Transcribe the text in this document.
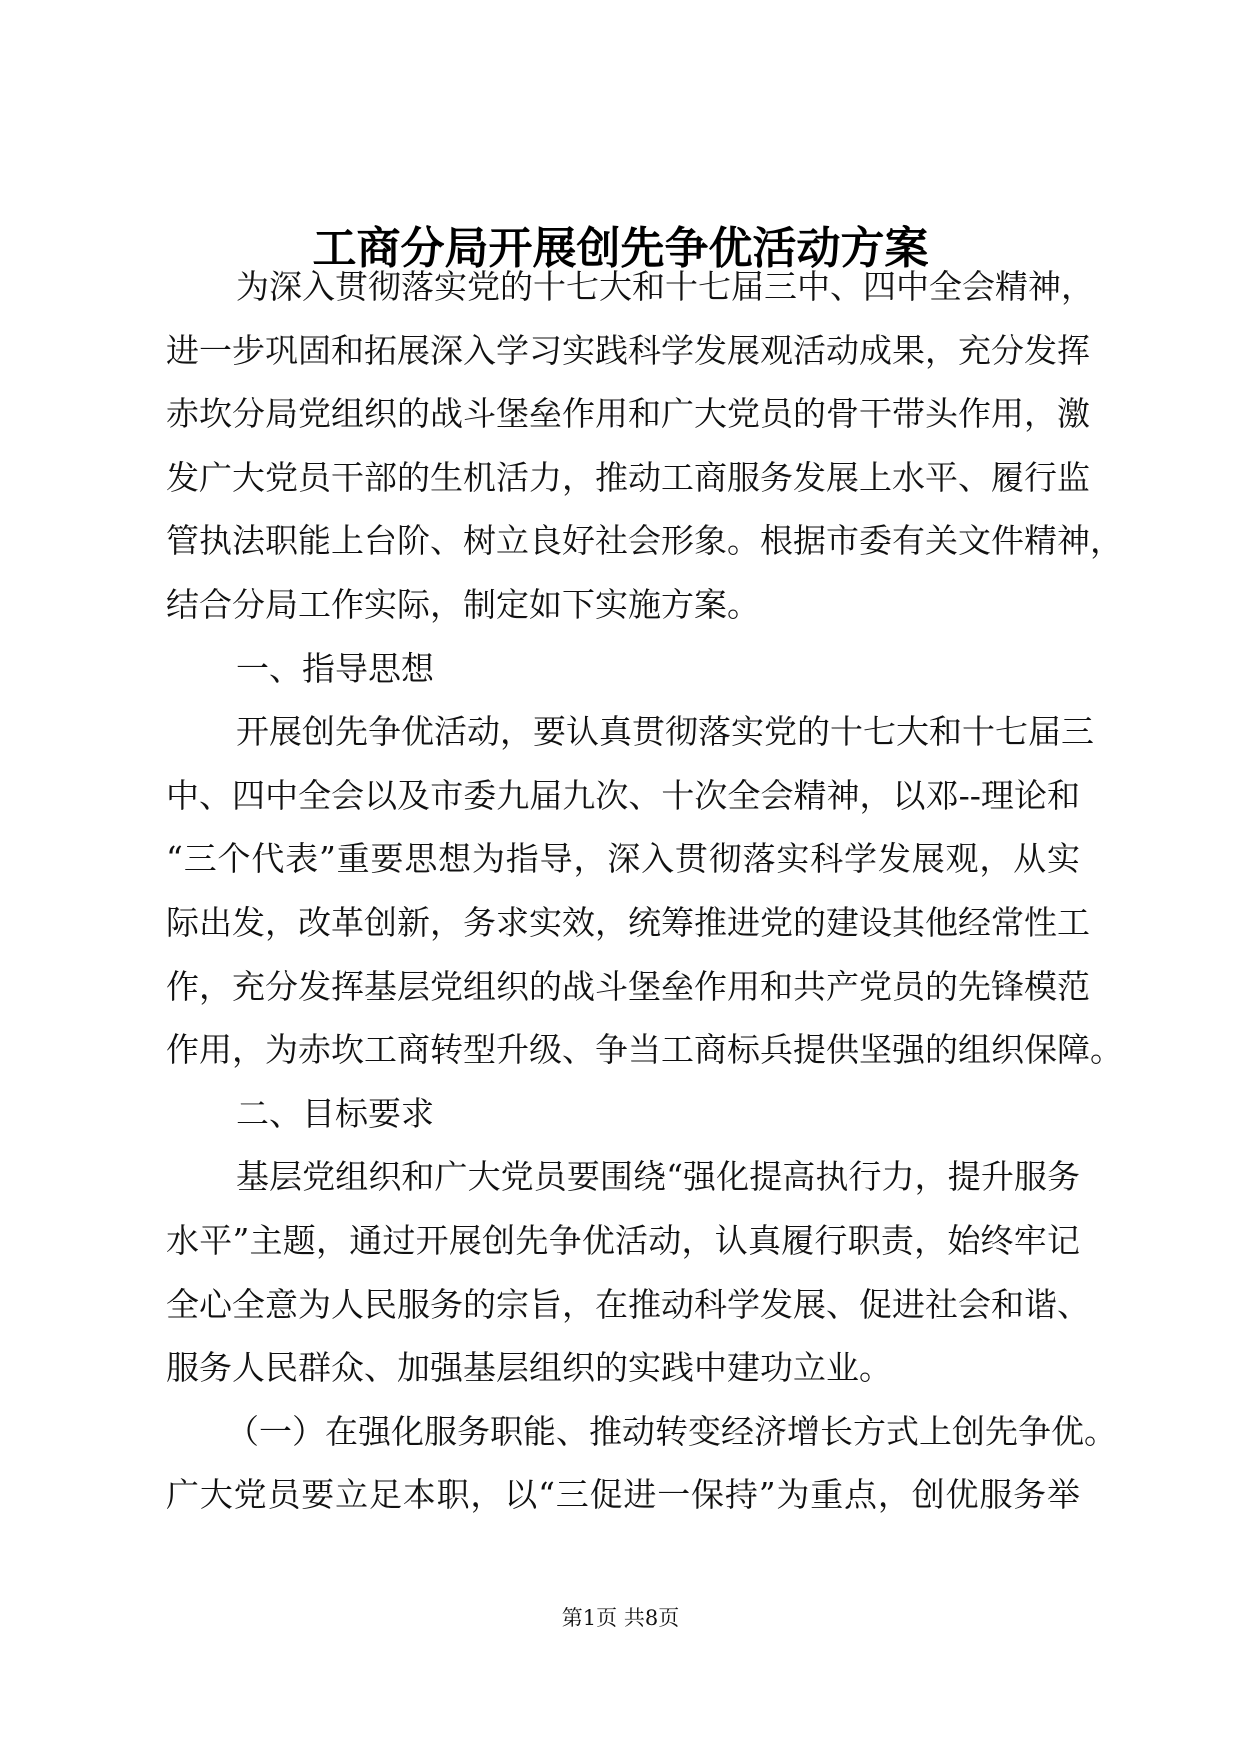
工商分局开展创先争优活动方案
为深入贯彻落实党的十七大和十七届三中、四中全会精神，
进一步巩固和拓展深入学习实践科学发展观活动成果，充分发挥
赤坎分局党组织的战斗堡垒作用和广大党员的骨干带头作用，激
发广大党员干部的生机活力，推动工商服务发展上水平、履行监
管执法职能上台阶、树立良好社会形象。根据市委有关文件精神，
结合分局工作实际，制定如下实施方案。
一、指导思想
开展创先争优活动，要认真贯彻落实党的十七大和十七届三
中、四中全会以及市委九届九次、十次全会精神，以邓--理论和
“三个代表”重要思想为指导，深入贯彻落实科学发展观，从实
际出发，改革创新，务求实效，统筹推进党的建设其他经常性工
作，充分发挥基层党组织的战斗堡垒作用和共产党员的先锋模范
作用，为赤坎工商转型升级、争当工商标兵提供坚强的组织保障。
二、目标要求
基层党组织和广大党员要围绕“强化提高执行力，提升服务
水平”主题，通过开展创先争优活动，认真履行职责，始终牢记
全心全意为人民服务的宗旨，在推动科学发展、促进社会和谐、
服务人民群众、加强基层组织的实践中建功立业。
（一）在强化服务职能、推动转变经济增长方式上创先争优。
广大党员要立足本职，以“三促进一保持”为重点，创优服务举
第1页 共8页
